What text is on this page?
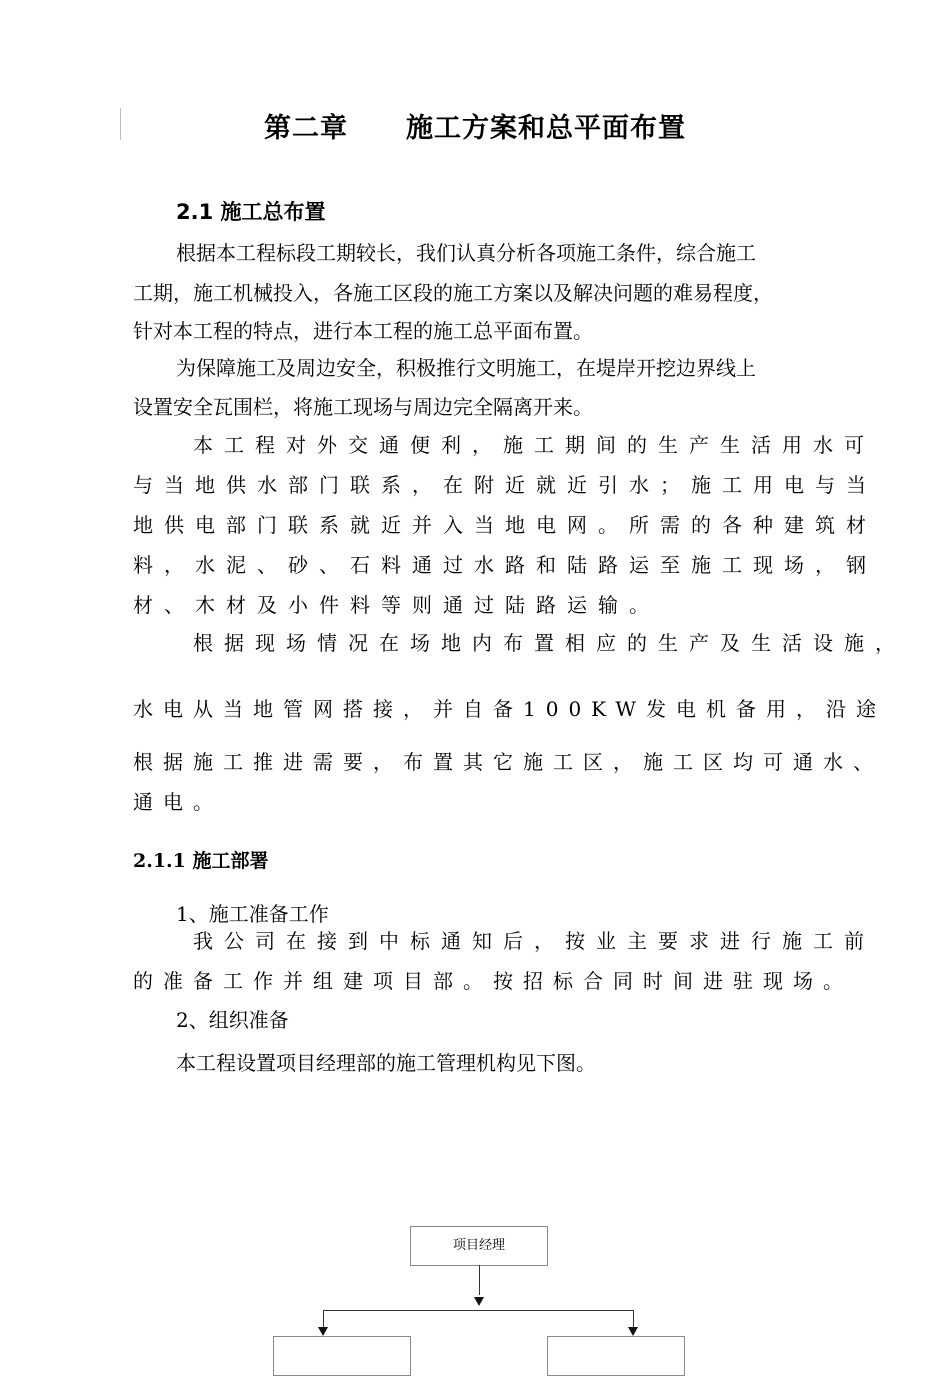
第二章 施工方案和总平面布置
2.1 施工总布置
根据本工程标段工期较长，我们认真分析各项施工条件，综合施工
工期，施工机械投入，各施工区段的施工方案以及解决问题的难易程度，
针对本工程的特点，进行本工程的施工总平面布置。
为保障施工及周边安全，积极推行文明施工，在堤岸开挖边界线上
设置安全瓦围栏，将施工现场与周边完全隔离开来。
本工程对外交通便利，施工期间的生产生活用水可
与当地供水部门联系，在附近就近引水；施工用电与当
地供电部门联系就近并入当地电网。所需的各种建筑材
料，水泥、砂、石料通过水路和陆路运至施工现场，钢
材、木材及小件料等则通过陆路运输。
根据现场情况在场地内布置相应的生产及生活设施，
水电从当地管网搭接，并自备100KW发电机备用，沿途
根据施工推进需要，布置其它施工区，施工区均可通水、
通电。
2.1.1 施工部署
1、施工准备工作
我公司在接到中标通知后，按业主要求进行施工前
的准备工作并组建项目部。按招标合同时间进驻现场。
2、组织准备
本工程设置项目经理部的施工管理机构见下图。
项目经理
